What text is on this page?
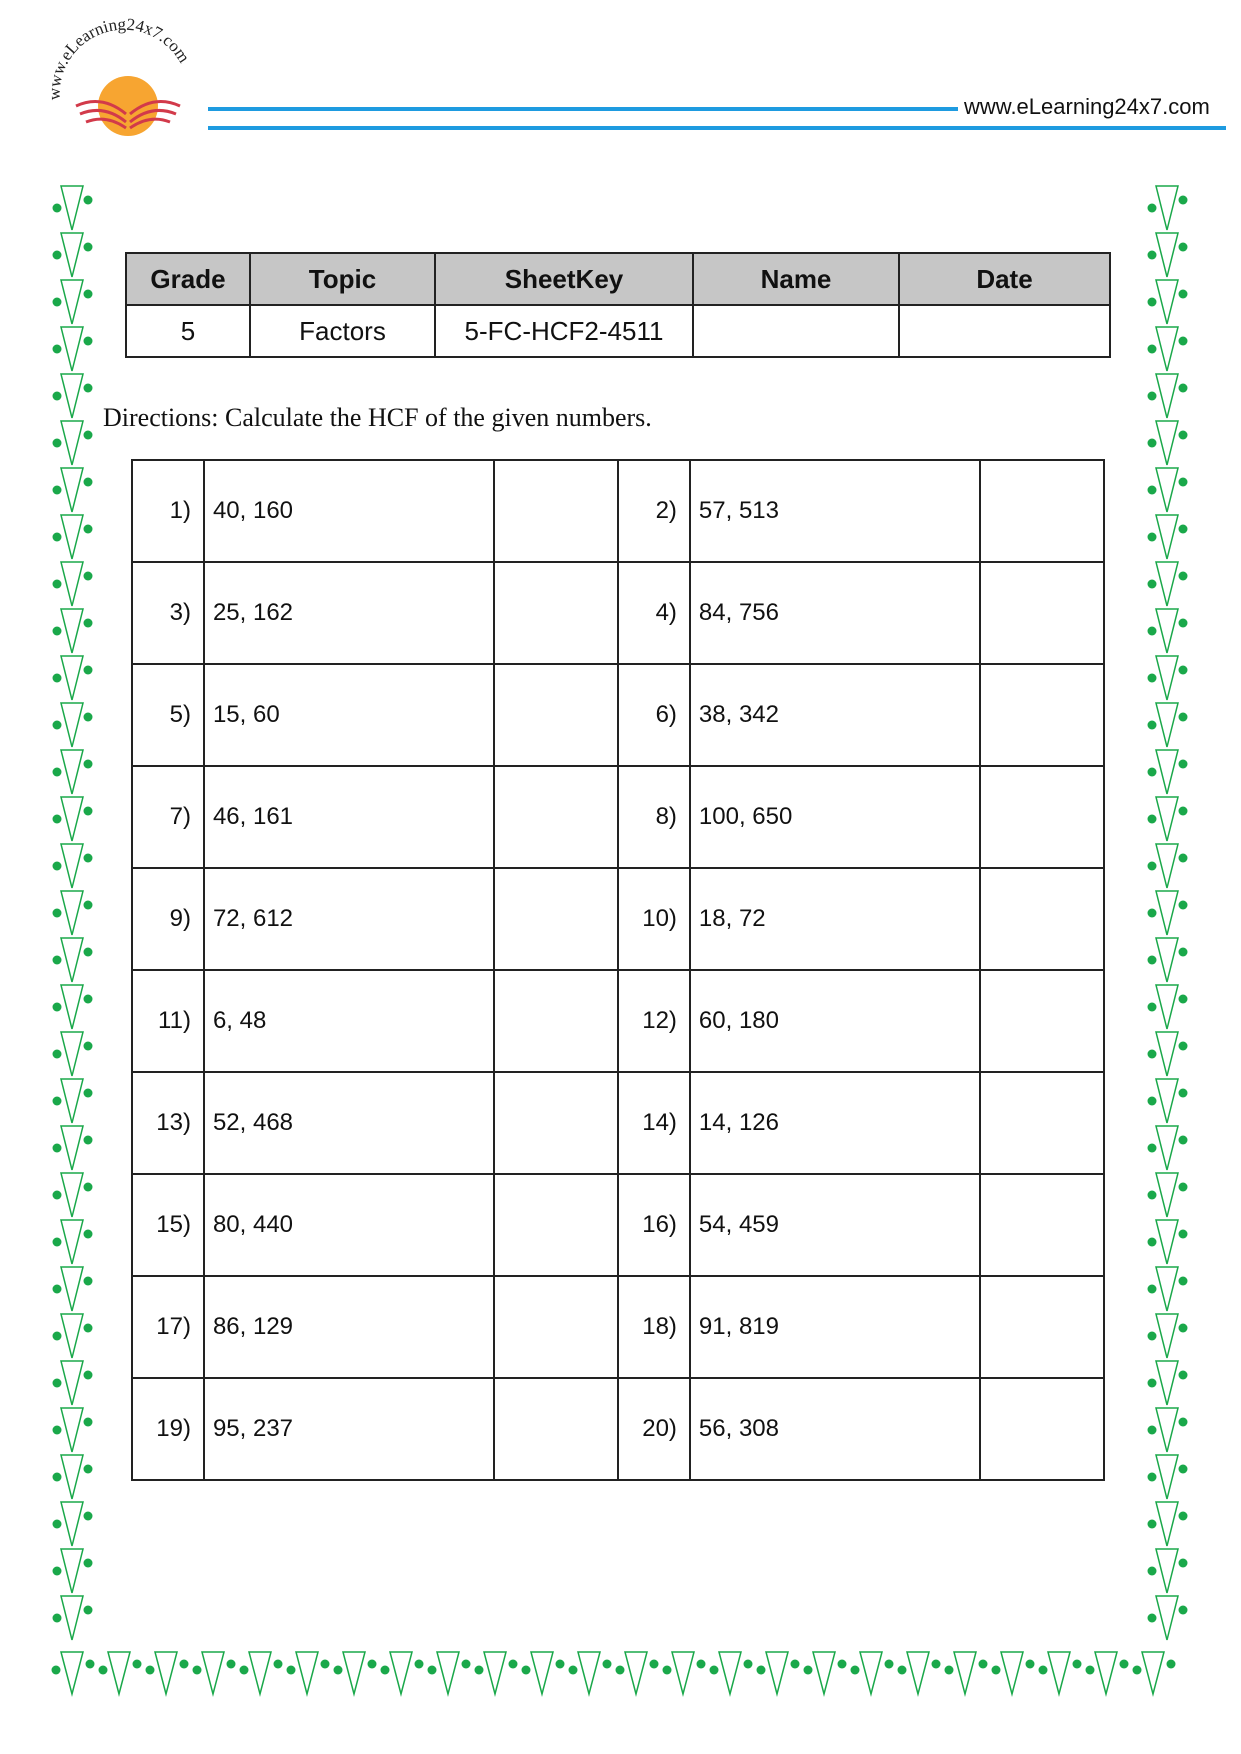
www.eLearning24x7.com
www.eLearning24x7.com
Grade	Topic	SheetKey	Name	Date
5	Factors	5-FC-HCF2-4511		
Directions: Calculate the HCF of the given numbers.
1)	40, 160		2)	57, 513	
3)	25, 162		4)	84, 756	
5)	15, 60		6)	38, 342	
7)	46, 161		8)	100, 650	
9)	72, 612		10)	18, 72	
11)	6, 48		12)	60, 180	
13)	52, 468		14)	14, 126	
15)	80, 440		16)	54, 459	
17)	86, 129		18)	91, 819	
19)	95, 237		20)	56, 308	
